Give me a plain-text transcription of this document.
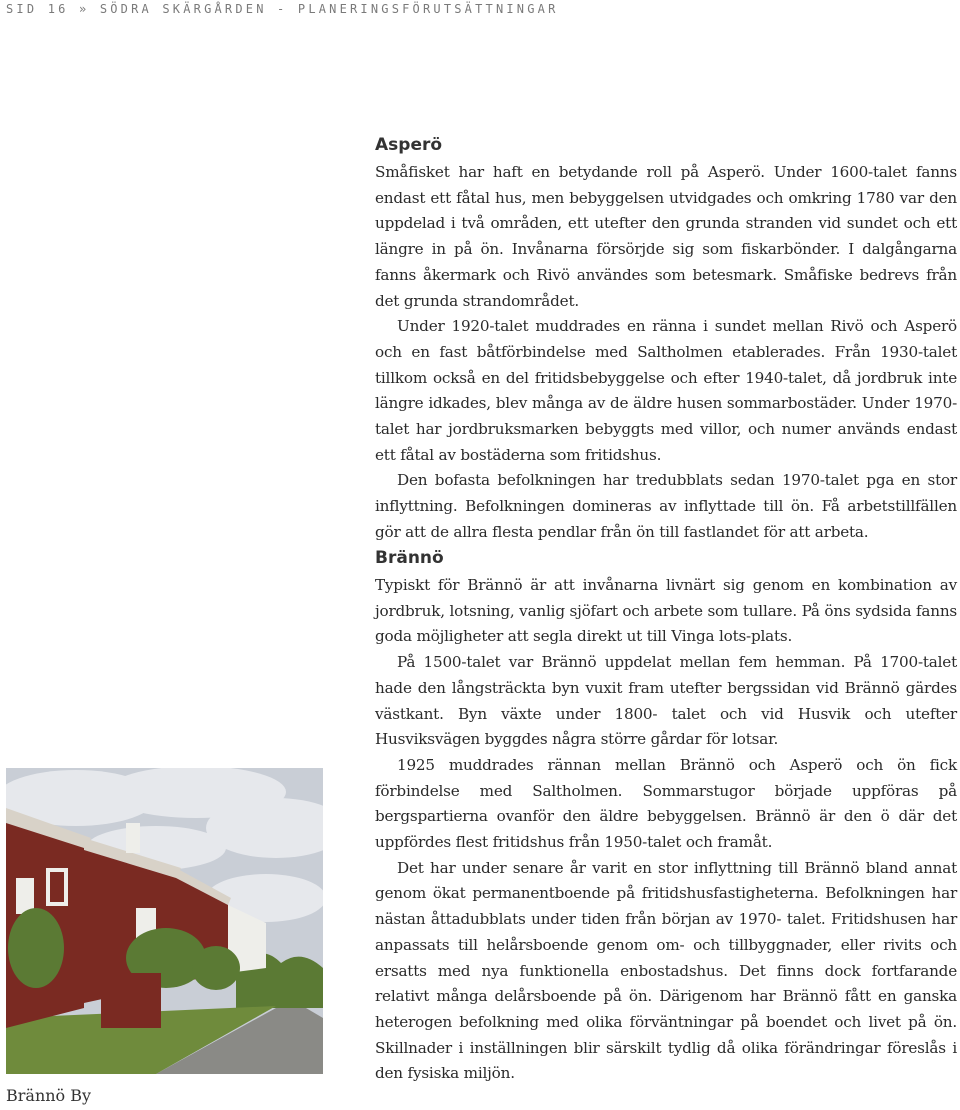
SID 16 » SÖDRA SKÄRGÅRDEN - PLANERINGSFÖRUTSÄTTNINGAR
Asperö

Småfisket har haft en betydande roll på Asperö. Under 1600-talet fanns endast ett fåtal hus, men bebyggelsen utvidgades och omkring 1780 var den uppdelad i två områden, ett utefter den grunda stranden vid sundet och ett längre in på ön. Invånarna försörjde sig som fiskarbönder. I dalgångarna fanns åkermark och Rivö användes som betesmark. Småfiske bedrevs från det grunda strandområdet.

Under 1920-talet muddrades en ränna i sundet mellan Rivö och Asperö och en fast båtförbindelse med Saltholmen etablerades. Från 1930-talet tillkom också en del fritidsbebyggelse och efter 1940-talet, då jordbruk inte längre idkades, blev många av de äldre husen sommarbostäder. Under 1970- talet har jordbruksmarken bebyggts med villor, och numer används endast ett fåtal av bostäderna som fritidshus.

Den bofasta befolkningen har tredubblats sedan 1970-talet pga en stor inflyttning. Befolkningen domineras av inflyttade till ön. Få arbetstillfällen gör att de allra flesta pendlar från ön till fastlandet för att arbeta.

Brännö

Typiskt för Brännö är att invånarna livnärt sig genom en kombination av jordbruk, lotsning, vanlig sjöfart och arbete som tullare. På öns sydsida fanns goda möjligheter att segla direkt ut till Vinga lots-plats.

På 1500-talet var Brännö uppdelat mellan fem hemman. På 1700-talet hade den långsträckta byn vuxit fram utefter bergssidan vid Brännö gärdes västkant. Byn växte under 1800- talet och vid Husvik och utefter Husviksvägen byggdes några större gårdar för lotsar.

1925 muddrades rännan mellan Brännö och Asperö och ön fick förbindelse med Saltholmen. Sommarstugor började uppföras på bergspartierna ovanför den äldre bebyggelsen. Brännö är den ö där det uppfördes flest fritidshus från 1950-talet och framåt.

Det har under senare år varit en stor inflyttning till Brännö bland annat genom ökat permanentboende på fritidshusfastigheterna. Befolkningen har nästan åttadubblats under tiden från början av 1970- talet. Fritidshusen har anpassats till helårsboende genom om- och tillbyggnader, eller rivits och ersatts med nya funktionella enbostadshus. Det finns dock fortfarande relativt många delårsboende på ön. Därigenom har Brännö fått en ganska heterogen befolkning med olika förväntningar på boendet och livet på ön. Skillnader i inställningen blir särskilt tydlig då olika förändringar föreslås i den fysiska miljön.

Brännö By
